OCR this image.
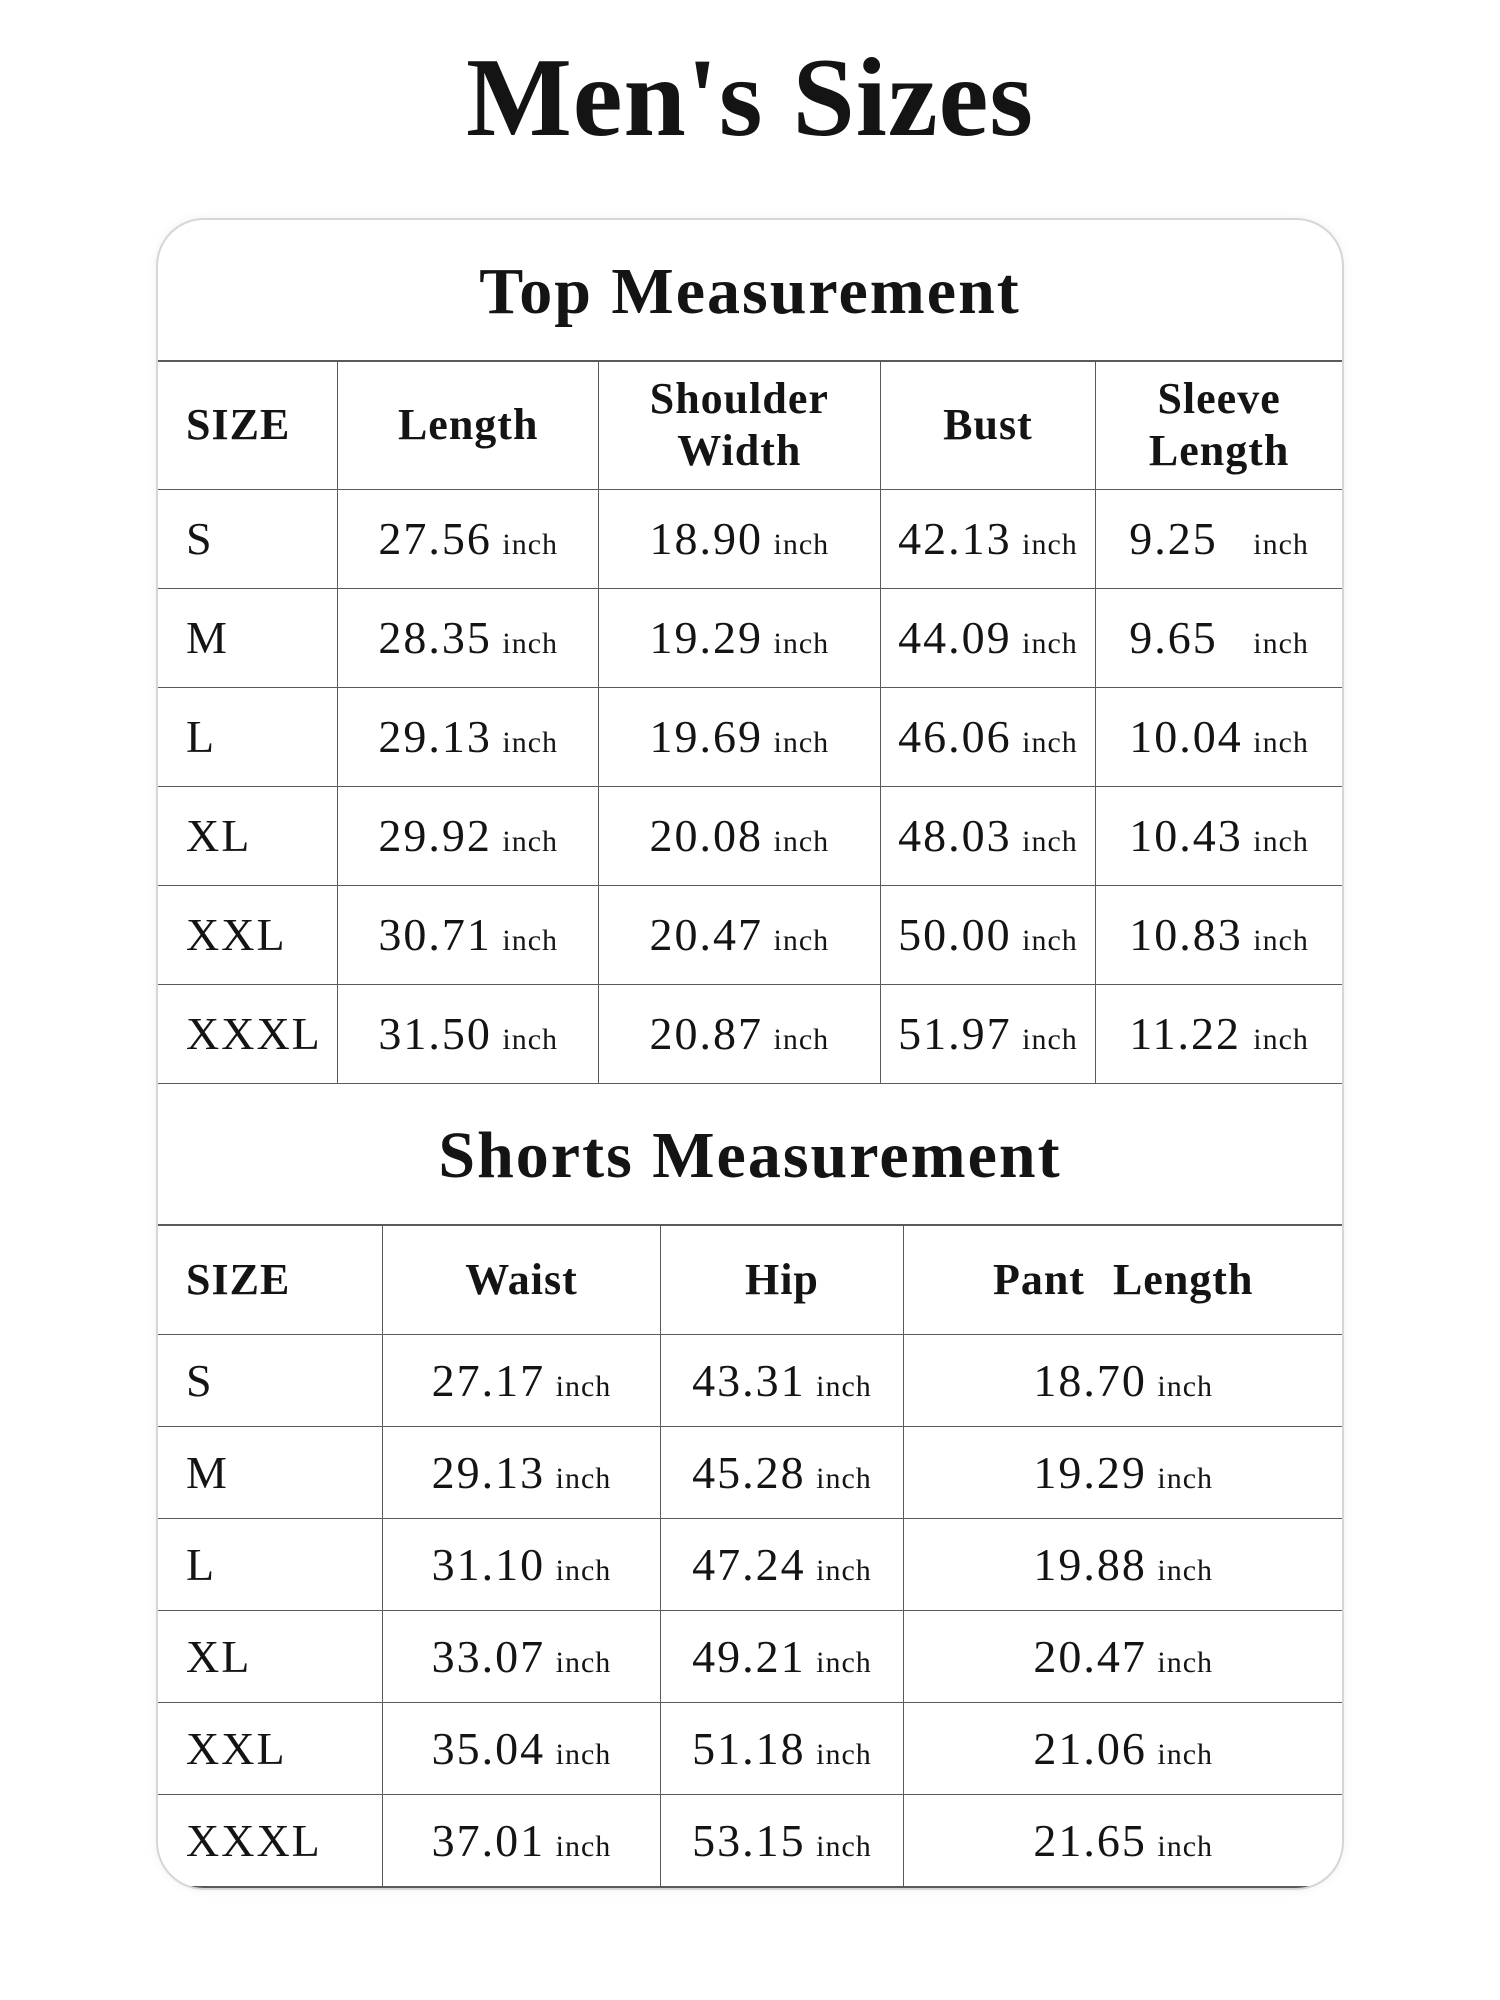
Men's Sizes
Top Measurement
SIZE	Length	Shoulder Width	Bust	Sleeve Length
S	27.56 inch	18.90 inch	42.13 inch	9.25 inch
M	28.35 inch	19.29 inch	44.09 inch	9.65 inch
L	29.13 inch	19.69 inch	46.06 inch	10.04 inch
XL	29.92 inch	20.08 inch	48.03 inch	10.43 inch
XXL	30.71 inch	20.47 inch	50.00 inch	10.83 inch
XXXL	31.50 inch	20.87 inch	51.97 inch	11.22 inch
Shorts Measurement
SIZE	Waist	Hip	Pant Length
S	27.17 inch	43.31 inch	18.70 inch
M	29.13 inch	45.28 inch	19.29 inch
L	31.10 inch	47.24 inch	19.88 inch
XL	33.07 inch	49.21 inch	20.47 inch
XXL	35.04 inch	51.18 inch	21.06 inch
XXXL	37.01 inch	53.15 inch	21.65 inch
